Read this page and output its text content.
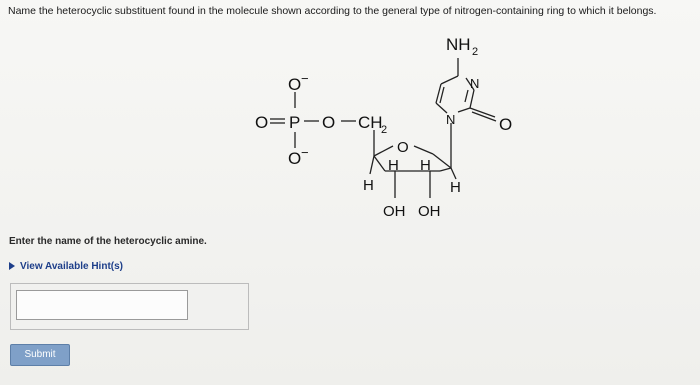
Name the heterocyclic substituent found in the molecule shown according to the general type of nitrogen-containing ring to which it belongs.
NH 2
N
N	O
O −
O P O CH
2
O −	O
H H
H	H
OH OH
Enter the name of the heterocyclic amine.
View Available Hint(s)
Submit
